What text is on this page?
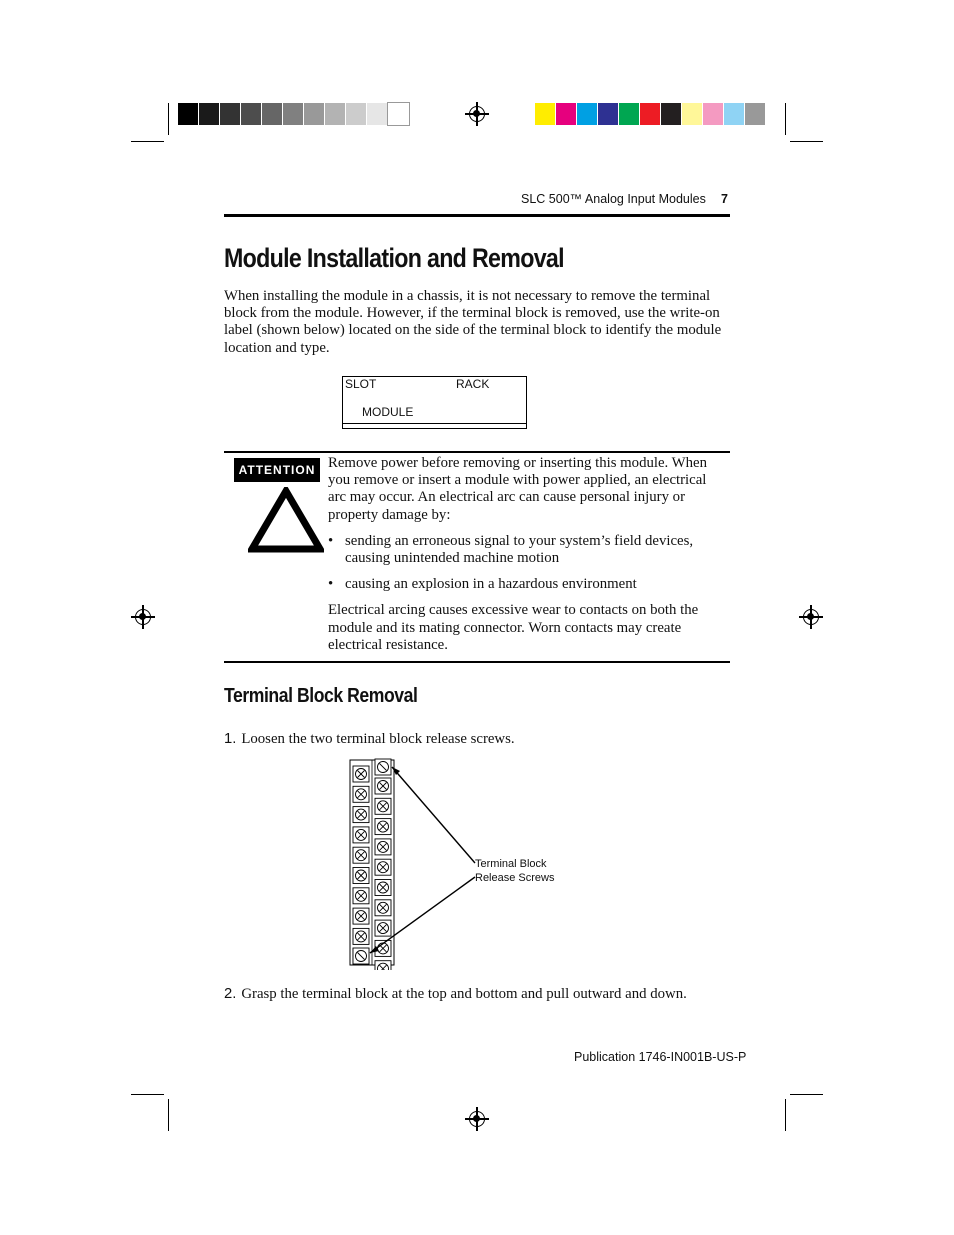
SLC 500™ Analog Input Modules 7
Module Installation and Removal
When installing the module in a chassis, it is not necessary to remove the terminal block from the module. However, if the terminal block is removed, use the write-on label (shown below) located on the side of the terminal block to identify the module location and type.
SLOT	RACK
MODULE
ATTENTION Remove power before removing or inserting this module. When you remove or insert a module with power applied, an electrical arc may occur. An electrical arc can cause personal injury or property damage by:

• sending an erroneous signal to your system’s field devices, causing unintended machine motion
• causing an explosion in a hazardous environment

Electrical arcing causes excessive wear to contacts on both the module and its mating connector. Worn contacts may create electrical resistance.

Terminal Block Removal
1. Loosen the two terminal block release screws.
Terminal Block
Release Screws
2. Grasp the terminal block at the top and bottom and pull outward and down.
Publication 1746-IN001B-US-P
